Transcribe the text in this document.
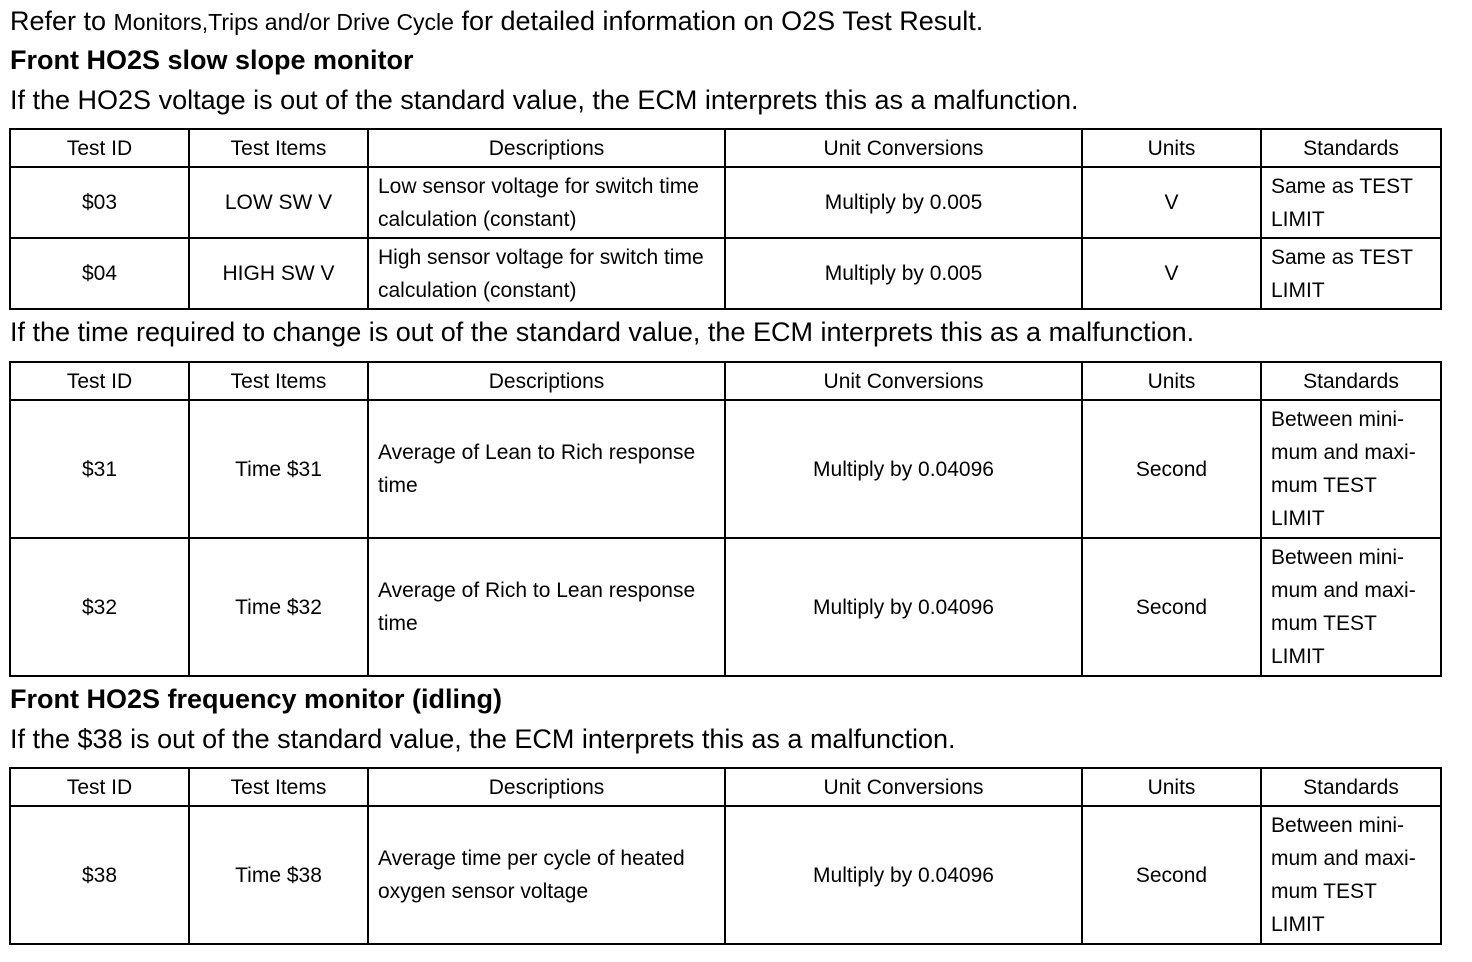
Refer to Monitors,Trips and/or Drive Cycle for detailed information on O2S Test Result.
Front HO2S slow slope monitor
If the HO2S voltage is out of the standard value, the ECM interprets this as a malfunction.
Test ID	Test Items	Descriptions	Unit Conversions	Units	Standards
$03	LOW SW V	Low sensor voltage for switch time calculation (constant)	Multiply by 0.005	V	Same as TEST LIMIT
$04	HIGH SW V	High sensor voltage for switch time calculation (constant)	Multiply by 0.005	V	Same as TEST LIMIT
If the time required to change is out of the standard value, the ECM interprets this as a malfunction.
Test ID	Test Items	Descriptions	Unit Conversions	Units	Standards
$31	Time $31	Average of Lean to Rich response time	Multiply by 0.04096	Second	Between mini-mum and maxi-mum TEST LIMIT
$32	Time $32	Average of Rich to Lean response time	Multiply by 0.04096	Second	Between mini-mum and maxi-mum TEST LIMIT
Front HO2S frequency monitor (idling)
If the $38 is out of the standard value, the ECM interprets this as a malfunction.
Test ID	Test Items	Descriptions	Unit Conversions	Units	Standards
$38	Time $38	Average time per cycle of heated oxygen sensor voltage	Multiply by 0.04096	Second	Between mini-mum and maxi-mum TEST LIMIT
